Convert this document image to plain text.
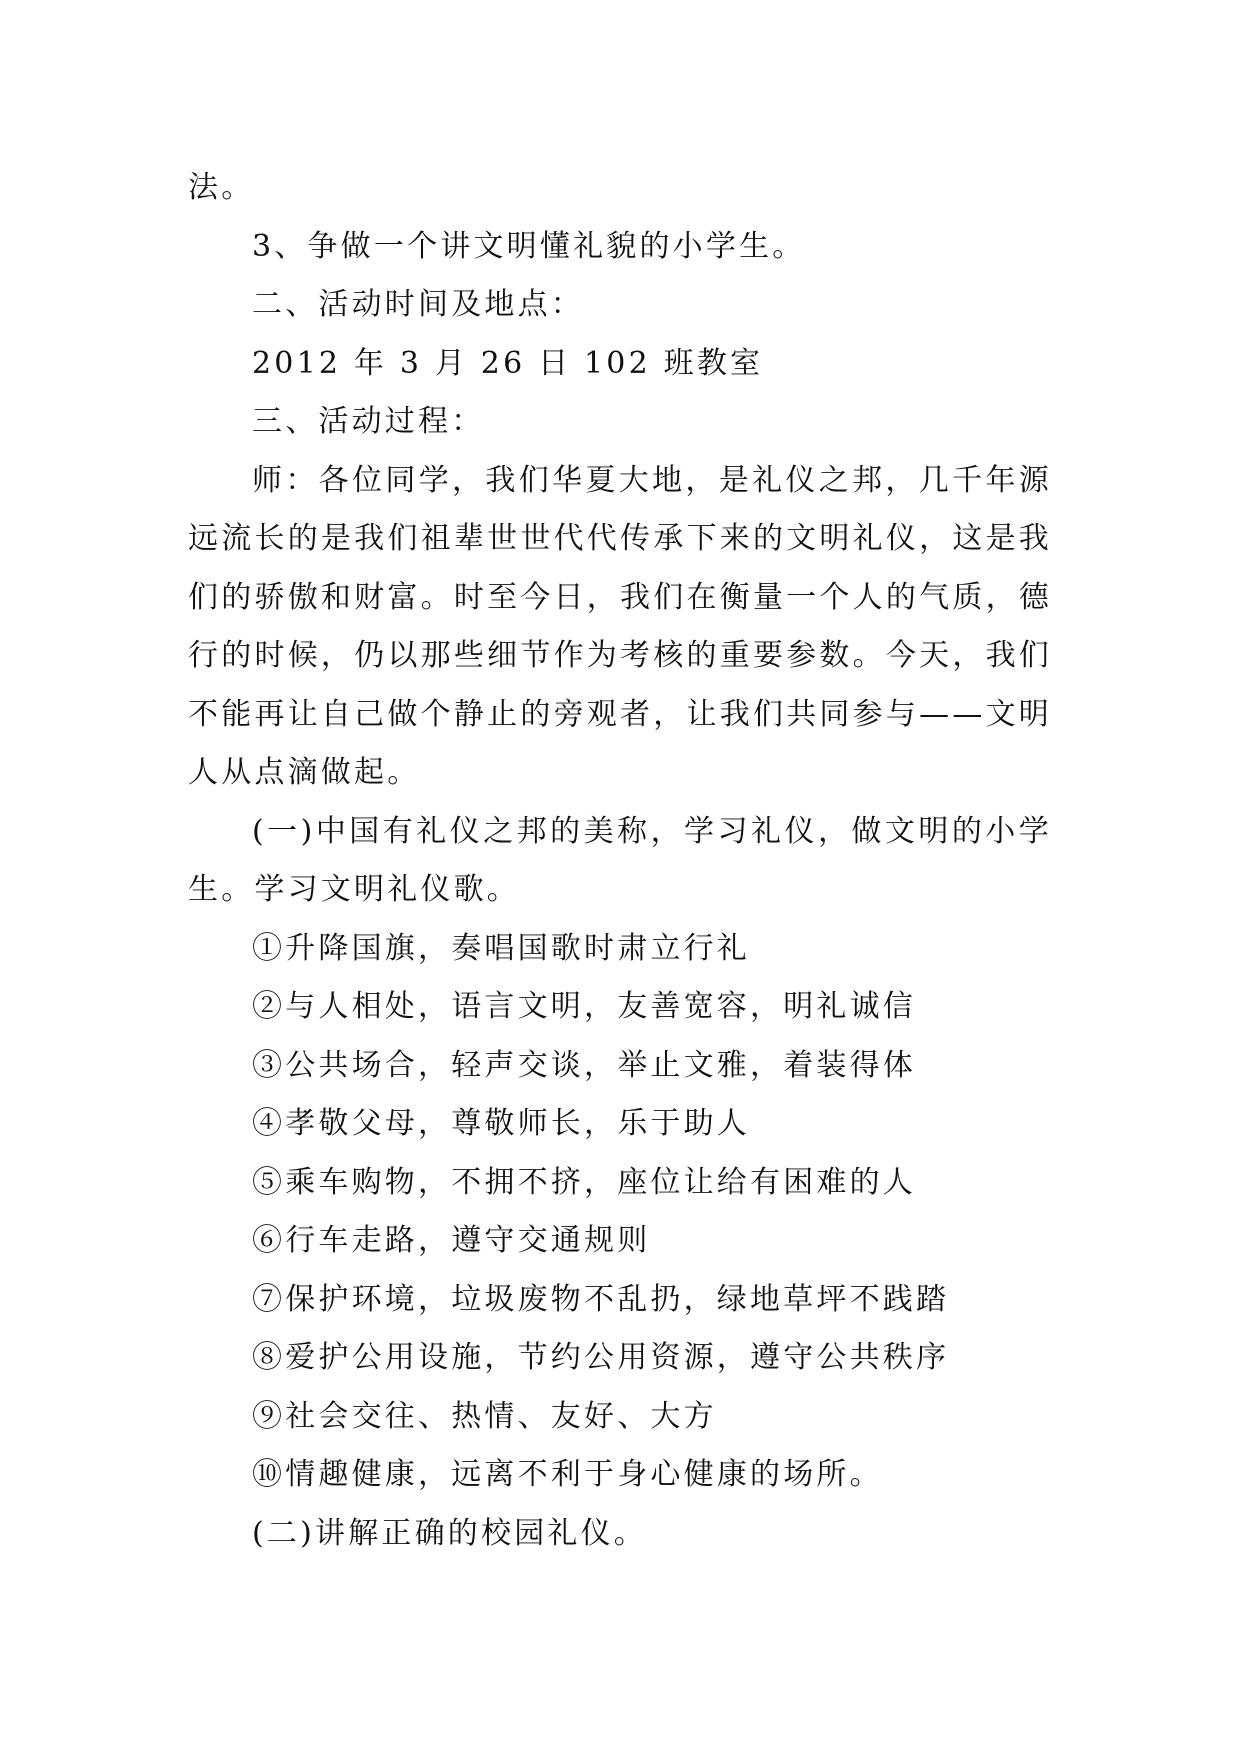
法。

3、争做一个讲文明懂礼貌的小学生。

二、活动时间及地点：

2012 年 3 月 26 日 102 班教室

三、活动过程：

师：各位同学，我们华夏大地，是礼仪之邦，几千年源远流长的是我们祖辈世世代代传承下来的文明礼仪，这是我们的骄傲和财富。时至今日，我们在衡量一个人的气质，德行的时候，仍以那些细节作为考核的重要参数。今天，我们不能再让自己做个静止的旁观者，让我们共同参与——文明人从点滴做起。

(一)中国有礼仪之邦的美称，学习礼仪，做文明的小学生。学习文明礼仪歌。

①升降国旗，奏唱国歌时肃立行礼

②与人相处，语言文明，友善宽容，明礼诚信

③公共场合，轻声交谈，举止文雅，着装得体

④孝敬父母，尊敬师长，乐于助人

⑤乘车购物，不拥不挤，座位让给有困难的人

⑥行车走路，遵守交通规则

⑦保护环境，垃圾废物不乱扔，绿地草坪不践踏

⑧爱护公用设施，节约公用资源，遵守公共秩序

⑨社会交往、热情、友好、大方

⑩情趣健康，远离不利于身心健康的场所。

(二)讲解正确的校园礼仪。
